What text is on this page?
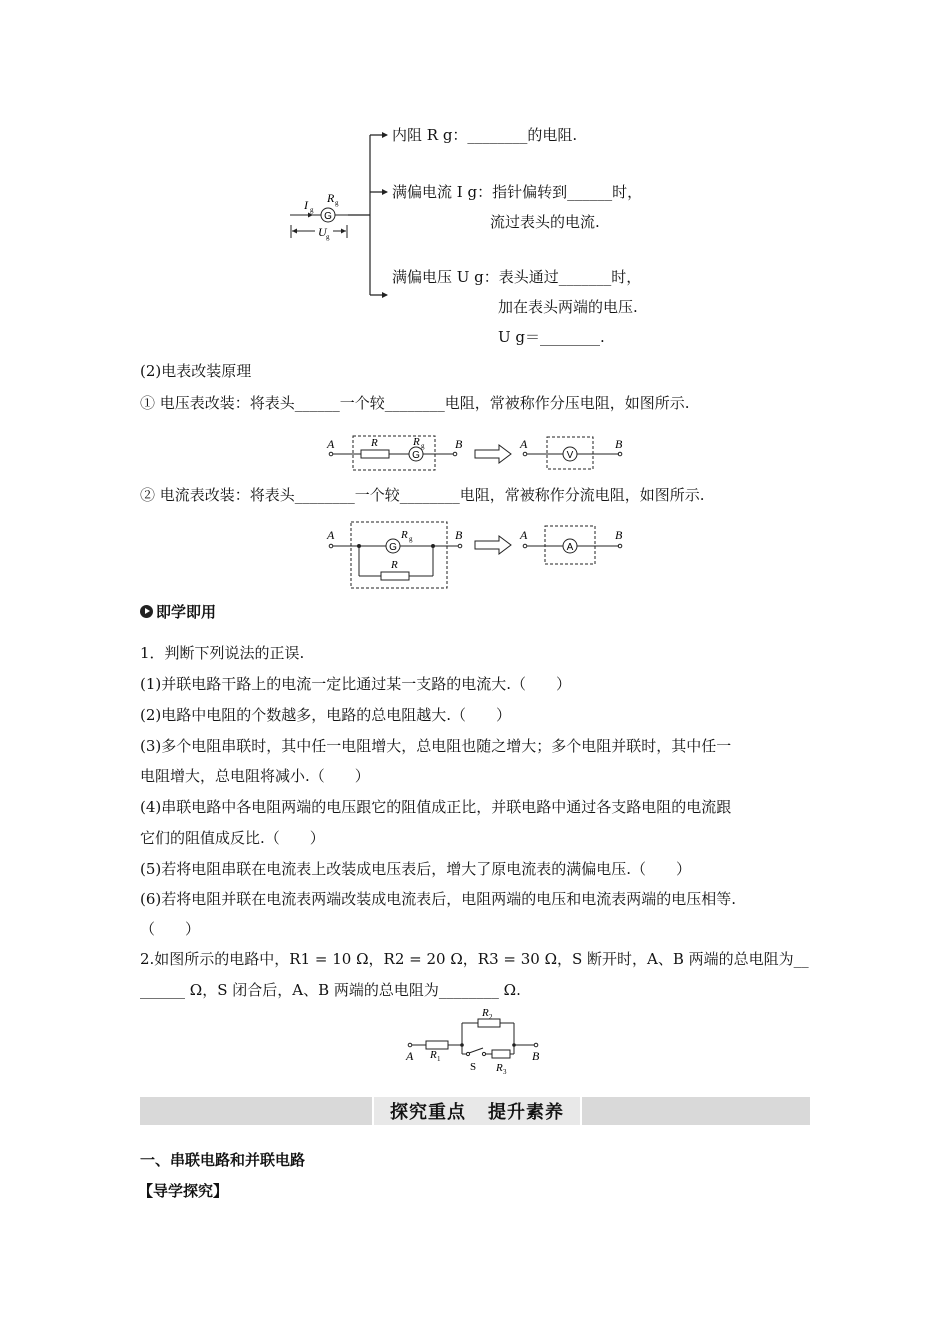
G
I g
R g
U g
内阻 R g：________的电阻.
满偏电流 I g：指针偏转到______时，
流过表头的电流.
满偏电压 U g：表头通过_______时，
加在表头两端的电压.
U g＝________.
(2)电表改装原理
① 电压表改装：将表头______一个较________电阻，常被称作分压电阻，如图所示.
A	B
G
R	R g	A
V
B
② 电流表改装：将表头________一个较________电阻，常被称作分流电阻，如图所示.
A
G
R g
R
B	A
A
B
即学即用
1．判断下列说法的正误.
(1)并联电路干路上的电流一定比通过某一支路的电流大.（　　）
(2)电路中电阻的个数越多，电路的总电阻越大.（　　）
(3)多个电阻串联时，其中任一电阻增大，总电阻也随之增大；多个电阻并联时，其中任一
电阻增大，总电阻将减小.（　　）
(4)串联电路中各电阻两端的电压跟它的阻值成正比，并联电路中通过各支路电阻的电流跟
它们的阻值成反比.（　　）
(5)若将电阻串联在电流表上改装成电压表后，增大了原电流表的满偏电压.（　　）
(6)若将电阻并联在电流表两端改装成电流表后，电阻两端的电压和电流表两端的电压相等.
（　　）
2.如图所示的电路中，R1 = 10 Ω，R2 = 20 Ω，R3 = 30 Ω，S 断开时，A、B 两端的总电阻为__
______ Ω，S 闭合后，A、B 两端的总电阻为________ Ω.
A	B
R 1
R 2
R 3
S
探究重点 提升素养
一、串联电路和并联电路
【导学探究】
